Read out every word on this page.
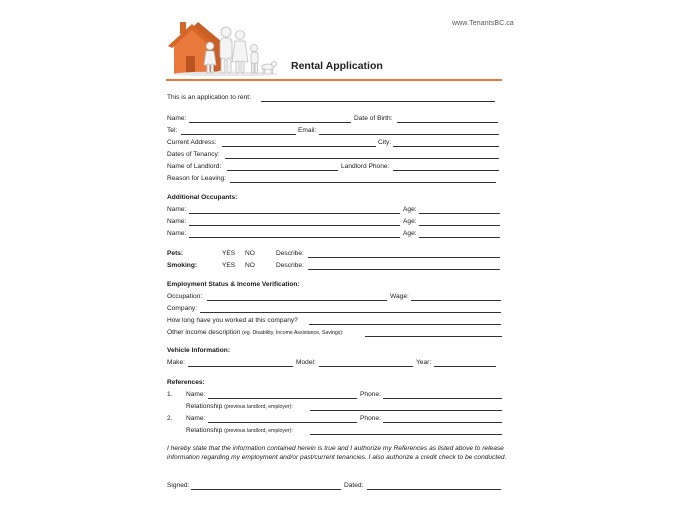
www.TenantsBC.ca
Rental Application
This is an application to rent:
Name:	Date of Birth:
Tel:	Email:
Current Address:	City:
Dates of Tenancy:
Name of Landlord:	Landlord Phone:
Reason for Leaving:
Additional Occupants:
Name:	Age:
Name:	Age:
Name:	Age:
Pets:	YES NO	Describe:
Smoking:	YES NO	Describe:
Employment Status & Income Verification:
Occupation:	Wage:
Company:
How long have you worked at this company?
Other income description (eg. Disability, Income Assistance, Savings):
Vehicle Information:
Make:	Model:	Year:
References:
1. Name:	Phone:
Relationship (previous landlord, employer):
2. Name:	Phone:
Relationship (previous landlord, employer):
I hereby state that the information contained herein is true and I authorize my References as listed above to release information regarding my employment and/or past/current tenancies. I also authorize a credit check to be conducted.
Signed:	Dated:
